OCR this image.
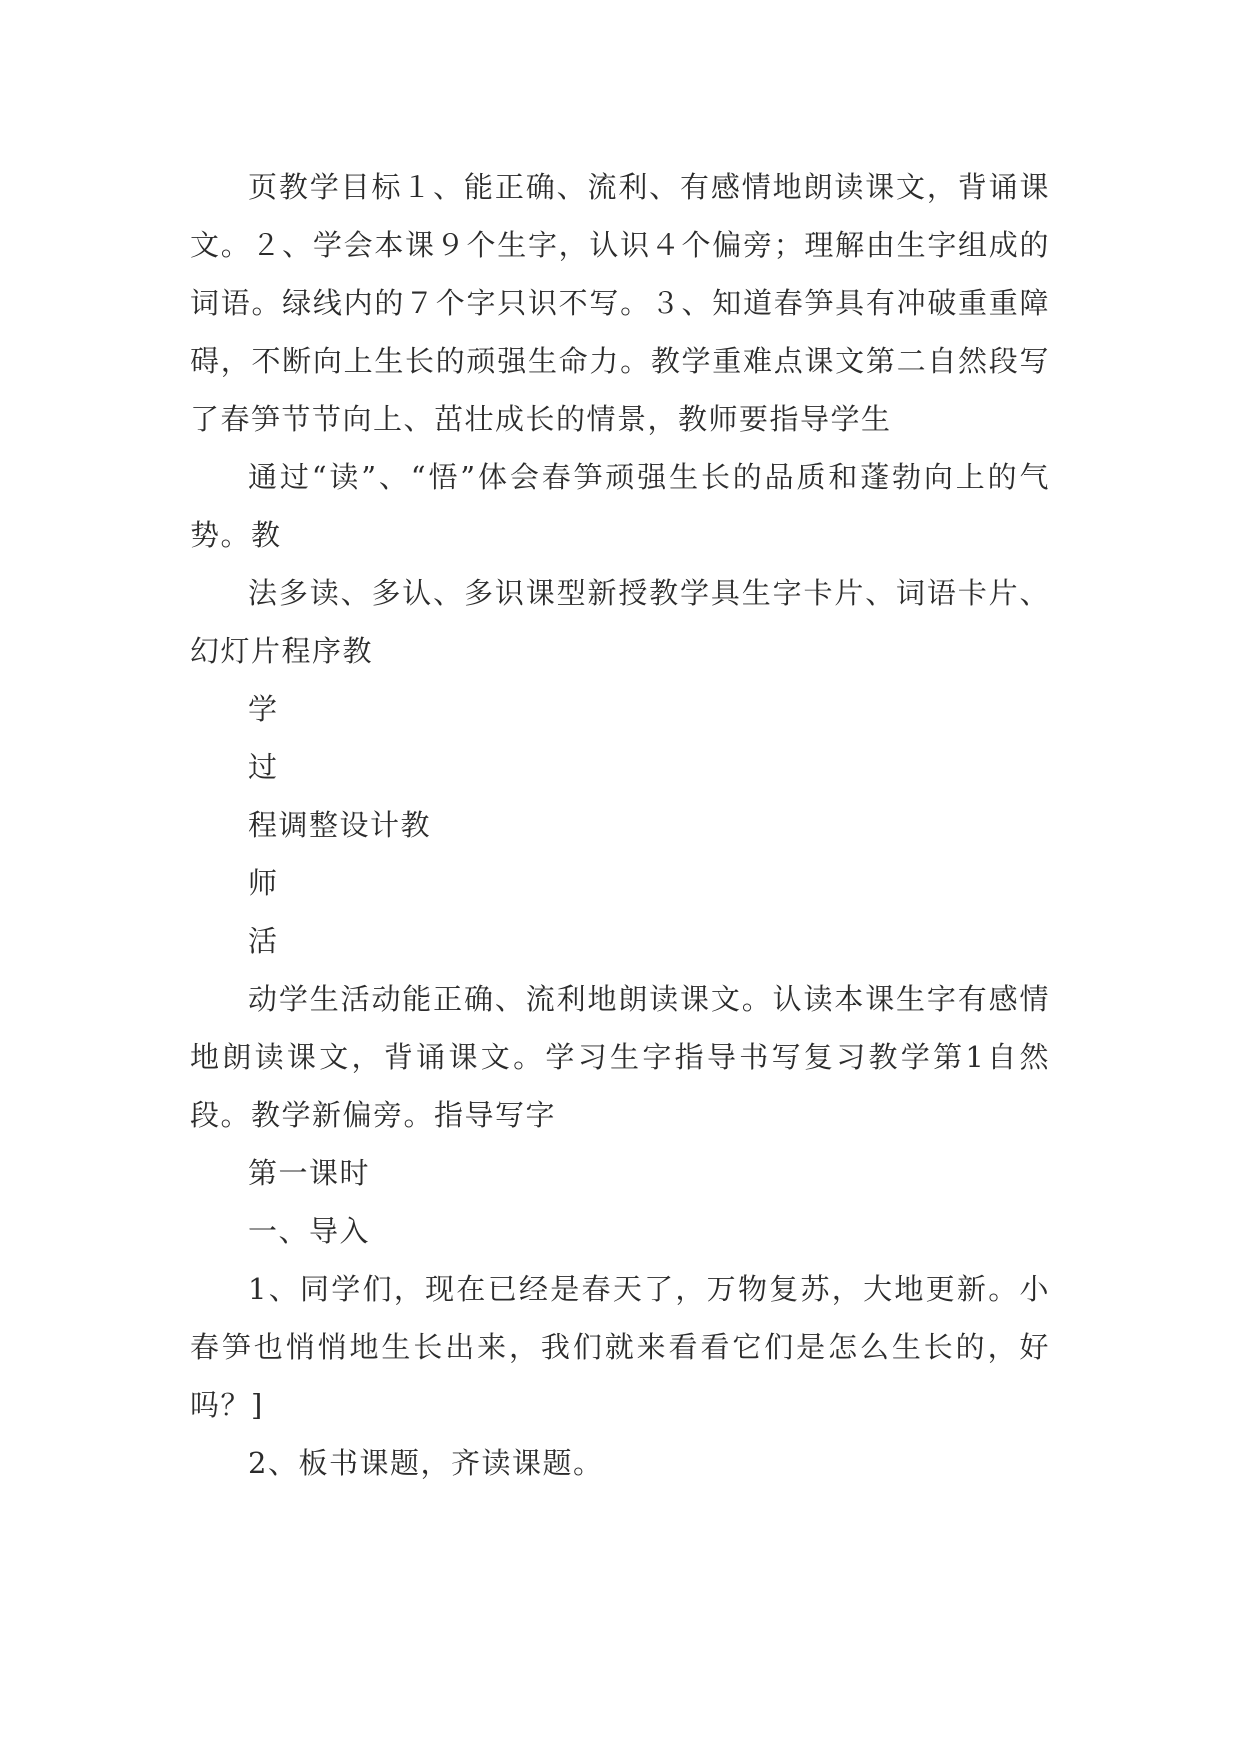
页教学目标１、能正确、流利、有感情地朗读课文，背诵课文。２、学会本课９个生字，认识４个偏旁；理解由生字组成的词语。绿线内的７个字只识不写。３、知道春笋具有冲破重重障碍，不断向上生长的顽强生命力。教学重难点课文第二自然段写了春笋节节向上、茁壮成长的情景，教师要指导学生

通过“读”、“悟”体会春笋顽强生长的品质和蓬勃向上的气势。教

法多读、多认、多识课型新授教学具生字卡片、词语卡片、幻灯片程序教

学

过

程调整设计教

师

活

动学生活动能正确、流利地朗读课文。认读本课生字有感情地朗读课文，背诵课文。学习生字指导书写复习教学第1自然段。教学新偏旁。指导写字

第一课时

一、导入

1、同学们，现在已经是春天了，万物复苏，大地更新。小春笋也悄悄地生长出来，我们就来看看它们是怎么生长的，好吗？]

2、板书课题，齐读课题。
